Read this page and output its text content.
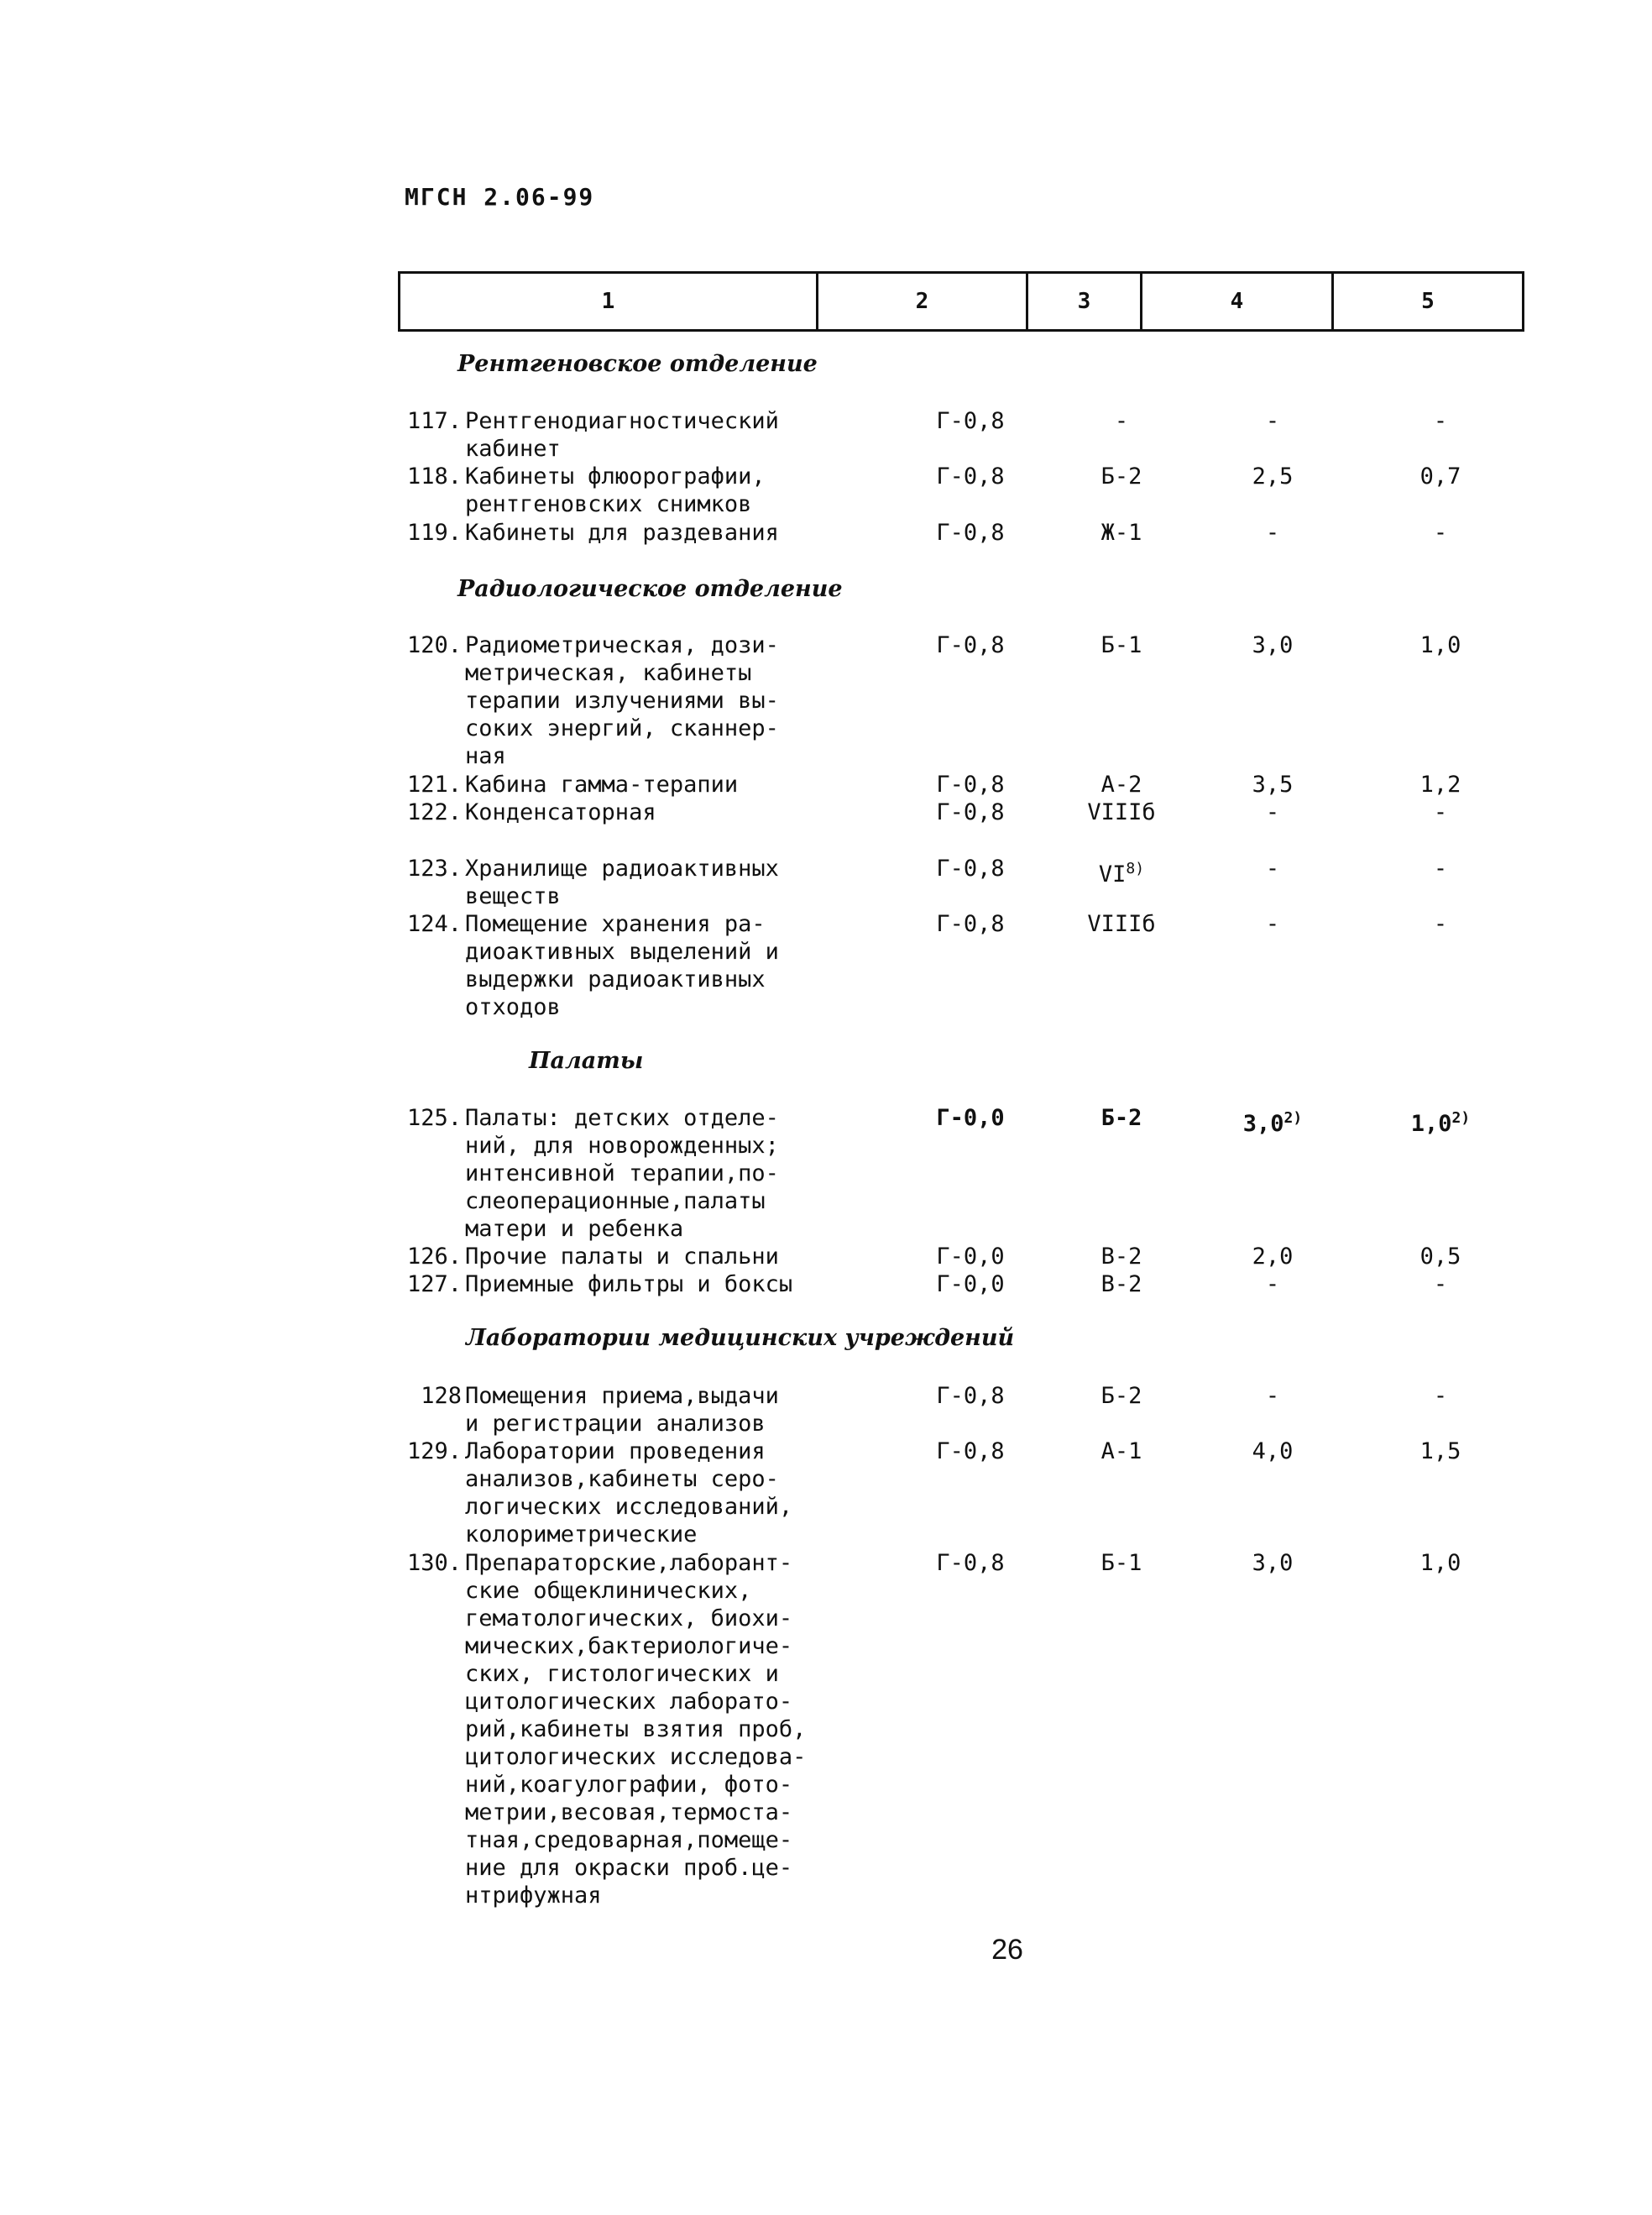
МГСН 2.06-99
1	2	3	4	5
Рентгеновское отделение
Радиологическое отделение
Палаты
Лаборатории медицинских учреждений
117. Рентгенодиагностический	Г-0,8	-	-	-
кабинет
118. Кабинеты флюорографии,	Г-0,8	Б-2	2,5	0,7
рентгеновских снимков
119. Кабинеты для раздевания	Г-0,8	Ж-1	-	-
120. Радиометрическая, дози-	Г-0,8	Б-1	3,0	1,0
метрическая, кабинеты
терапии излучениями вы-
соких энергий, сканнер-
ная
121. Кабина гамма-терапии	Г-0,8	А-2	3,5	1,2
122. Конденсаторная	Г-0,8	VIIIб	-	-
123. Хранилище радиоактивных	Г-0,8	VI$^{8)}$	-	-
веществ
124. Помещение хранения ра-	Г-0,8	VIIIб	-	-
диоактивных выделений и
выдержки радиоактивных
отходов
125. Палаты: детских отделе-	Г-0,0	Б-2	3,0$^{2)}$	1,0$^{2)}$
ний, для новорожденных;
интенсивной терапии,по-
слеоперационные,палаты
матери и ребенка
126. Прочие палаты и спальни	Г-0,0	В-2	2,0	0,5
127. Приемные фильтры и боксы	Г-0,0	В-2	-	-
128 Помещения приема,выдачи	Г-0,8	Б-2	-	-
и регистрации анализов
129. Лаборатории проведения	Г-0,8	А-1	4,0	1,5
анализов,кабинеты серо-
логических исследований,
колориметрические
130. Препараторские,лаборант-	Г-0,8	Б-1	3,0	1,0
ские общеклинических,
гематологических, биохи-
мических,бактериологиче-
ских, гистологических и
цитологических лаборато-
рий,кабинеты взятия проб,
цитологических исследова-
ний,коагулографии, фото-
метрии,весовая,термоста-
тная,средоварная,помеще-
ние для окраски проб.це-
нтрифужная
26
